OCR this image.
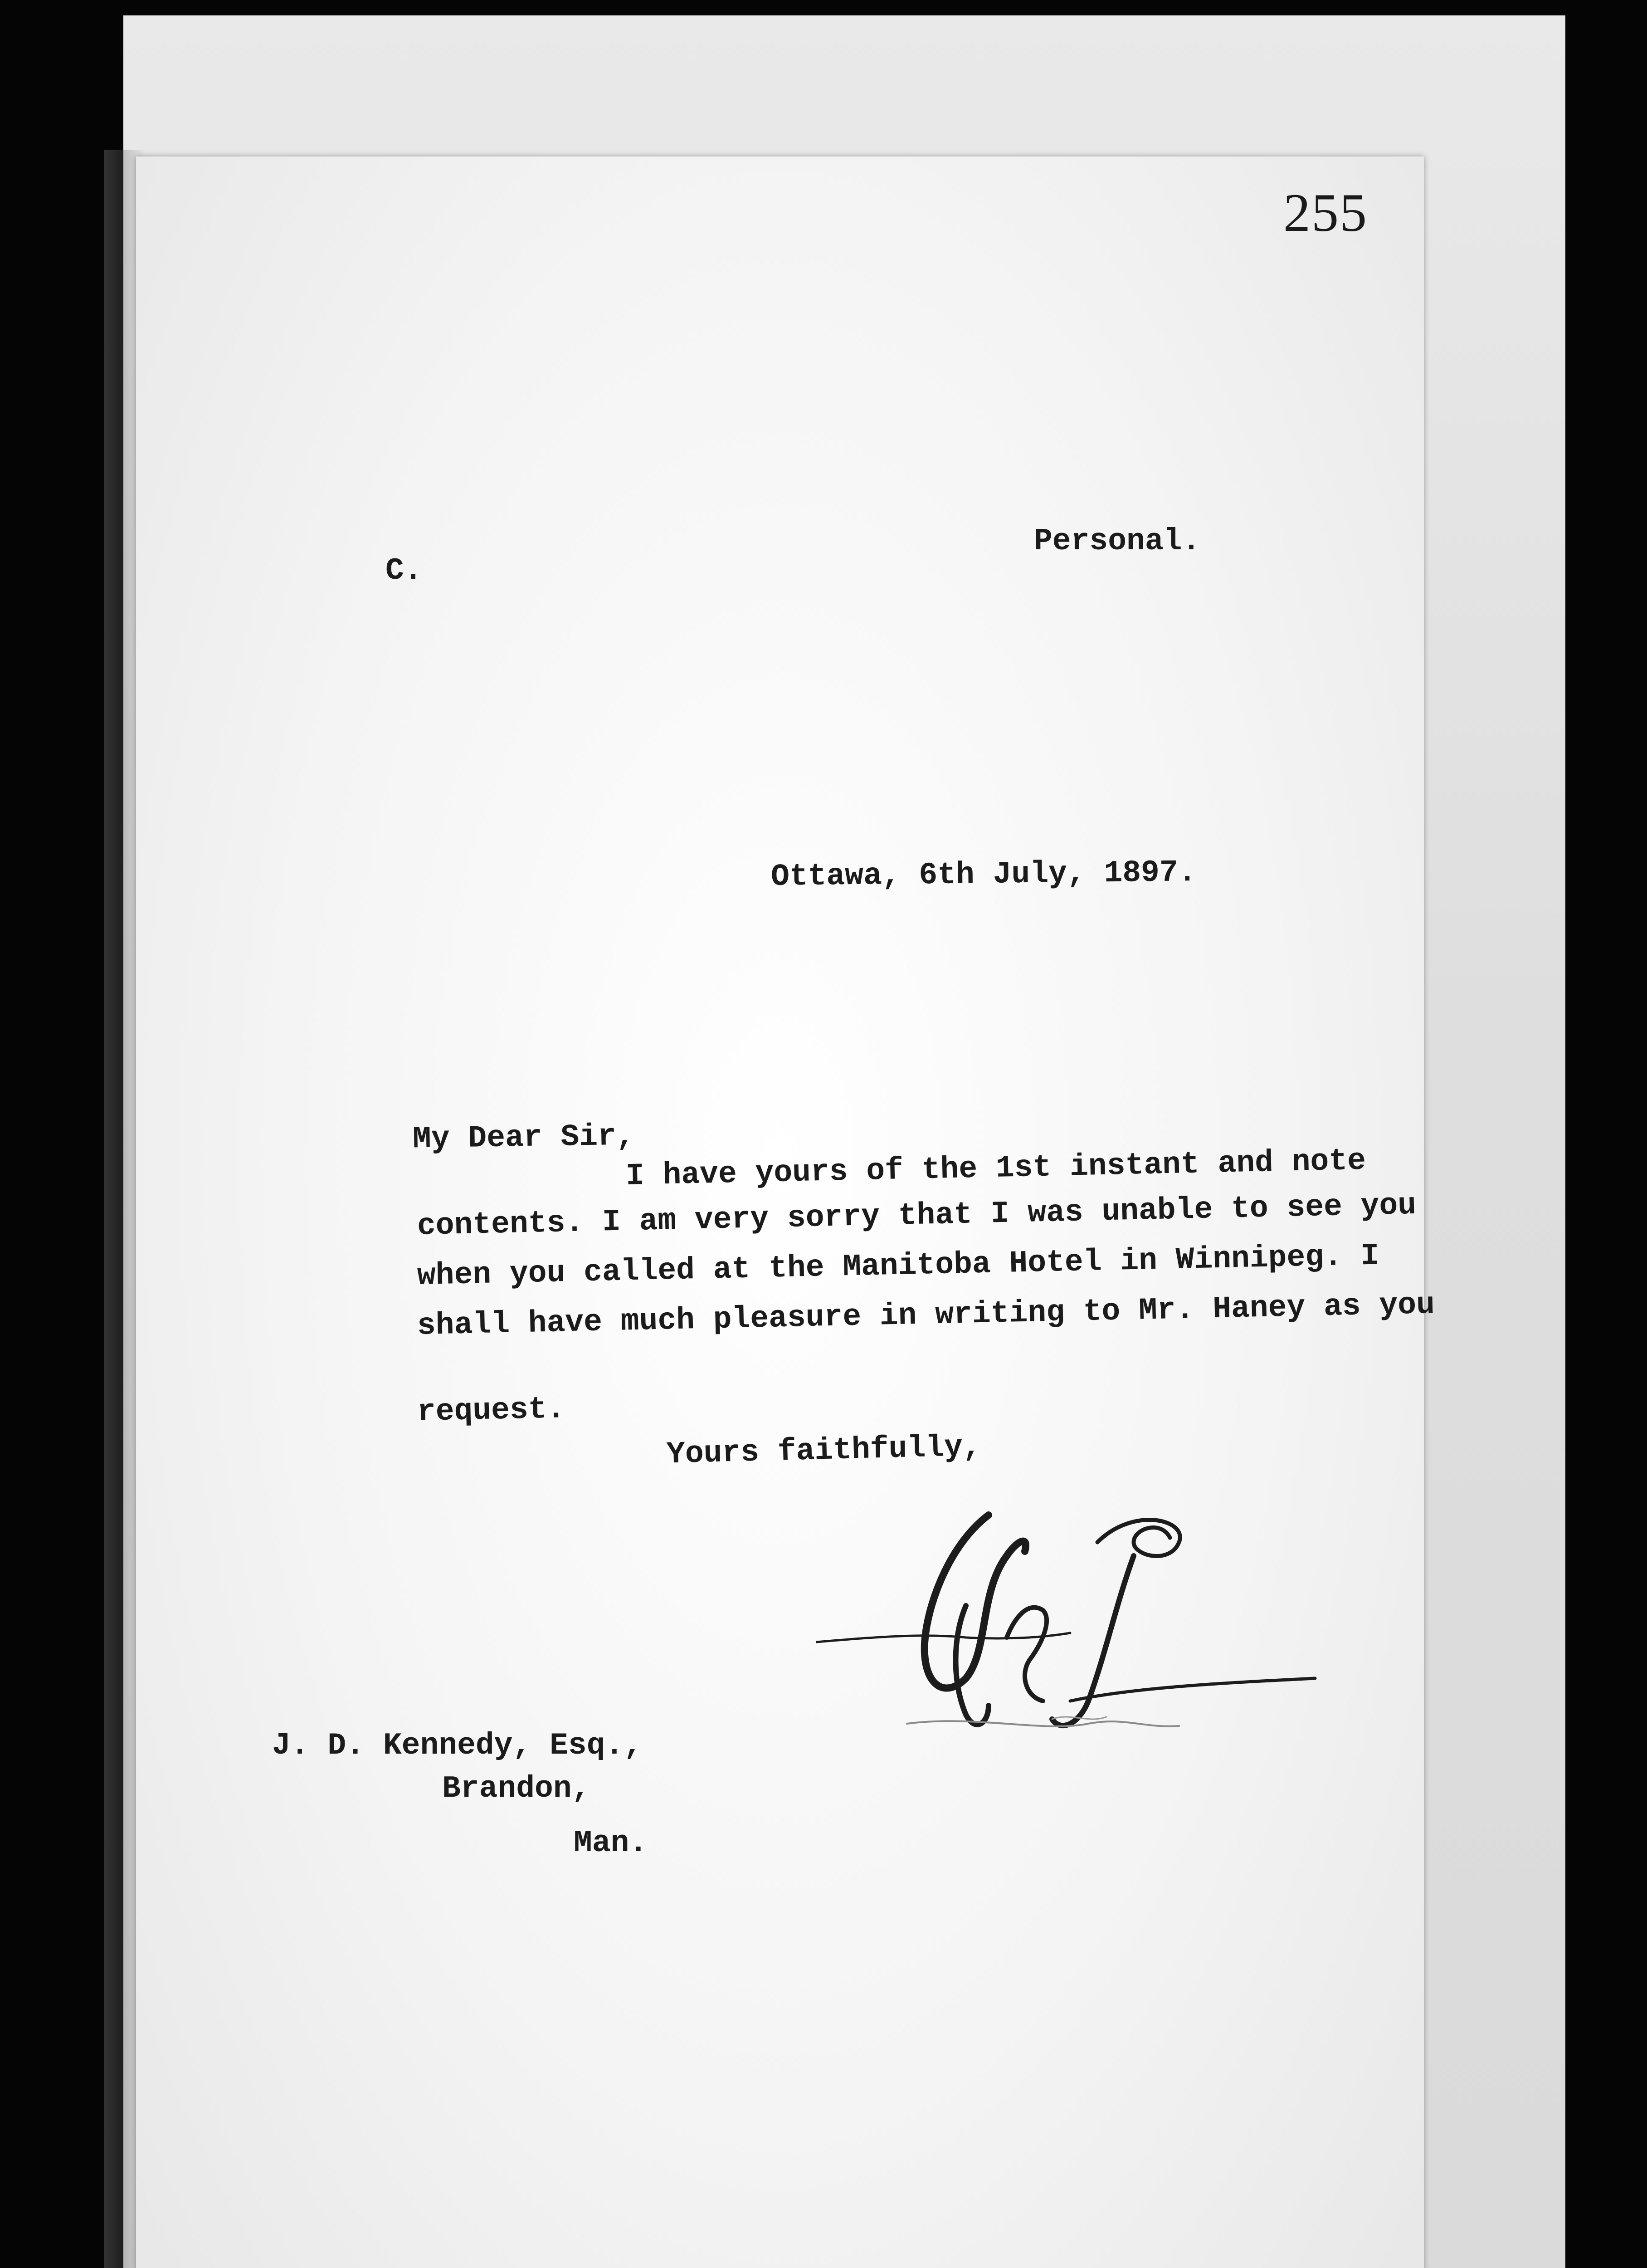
255
C.
Personal.
Ottawa, 6th July, 1897.
My Dear Sir,
I have yours of the 1st instant and note
contents. I am very sorry that I was unable to see you
when you called at the Manitoba Hotel in Winnipeg. I
shall have much pleasure in writing to Mr. Haney as you
request.
Yours faithfully,
J. D. Kennedy, Esq.,
Brandon,
Man.
